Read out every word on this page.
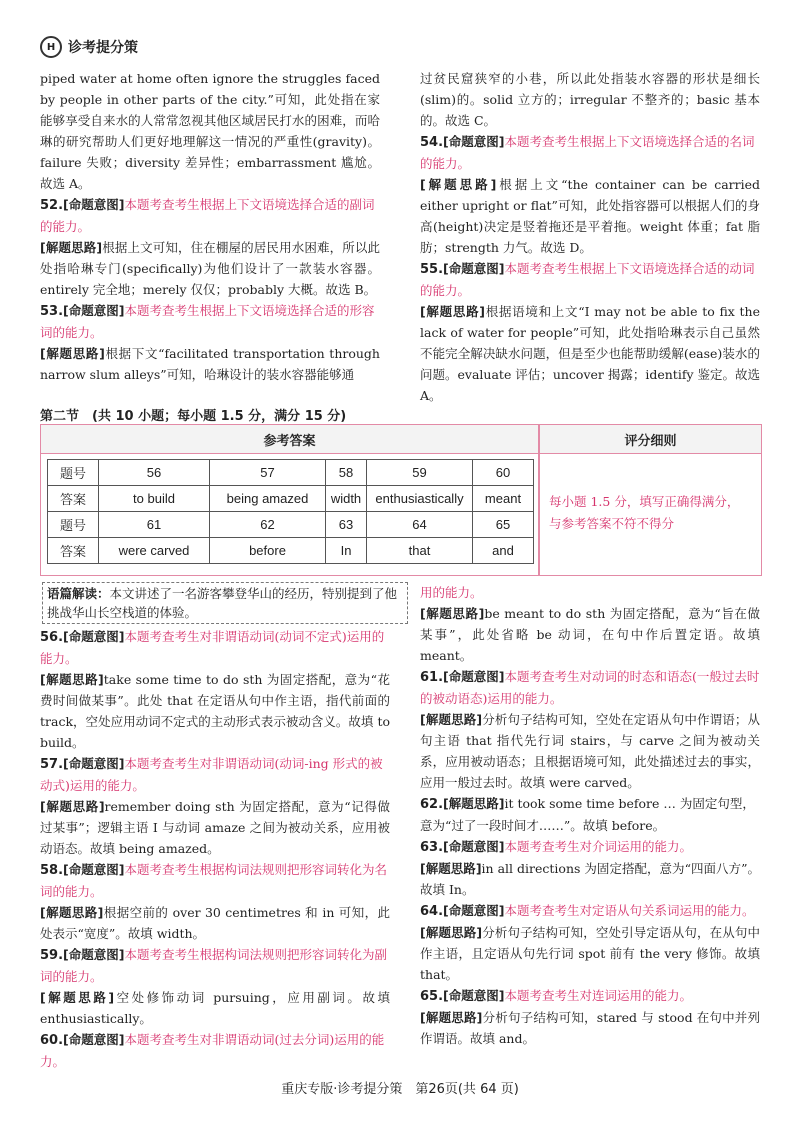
H 诊考提分策

piped water at home often ignore the struggles faced by people in other parts of the city.”可知，此处指在家能够享受自来水的人常常忽视其他区域居民打水的困难，而哈琳的研究帮助人们更好地理解这一情况的严重性(gravity)。failure 失败；diversity 差异性；embarrassment 尴尬。故选 A。

52.[命题意图]本题考查考生根据上下文语境选择合适的副词的能力。

[解题思路]根据上文可知，住在棚屋的居民用水困难，所以此处指哈琳专门(specifically)为他们设计了一款装水容器。entirely 完全地；merely 仅仅；probably 大概。故选 B。

53.[命题意图]本题考查考生根据上下文语境选择合适的形容词的能力。

[解题思路]根据下文“facilitated transportation through narrow slum alleys”可知，哈琳设计的装水容器能够通

过贫民窟狭窄的小巷，所以此处指装水容器的形状是细长(slim)的。solid 立方的；irregular 不整齐的；basic 基本的。故选 C。

54.[命题意图]本题考查考生根据上下文语境选择合适的名词的能力。

[解题思路]根据上文“the container can be carried either upright or flat”可知，此处指容器可以根据人们的身高(height)决定是竖着拖还是平着拖。weight 体重；fat 脂肪；strength 力气。故选 D。

55.[命题意图]本题考查考生根据上下文语境选择合适的动词的能力。

[解题思路]根据语境和上文“I may not be able to fix the lack of water for people”可知，此处指哈琳表示自己虽然不能完全解决缺水问题，但是至少也能帮助缓解(ease)装水的问题。evaluate 评估；uncover 揭露；identify 鉴定。故选 A。

第二节　(共 10 小题；每小题 1.5 分，满分 15 分)
参考答案	评分细则
题号	56	57	58	59	60
答案	to build	being amazed	width	enthusiastically	meant
题号	61	62	63	64	65
答案	were carved	before	In	that	and
每小题 1.5 分，填写正确得满分，与参考答案不符不得分
语篇解读：本文讲述了一名游客攀登华山的经历，特别提到了他挑战华山长空栈道的体验。

56.[命题意图]本题考查考生对非谓语动词(动词不定式)运用的能力。

[解题思路]take some time to do sth 为固定搭配，意为“花费时间做某事”。此处 that 在定语从句中作主语，指代前面的 track，空处应用动词不定式的主动形式表示被动含义。故填 to build。

57.[命题意图]本题考查考生对非谓语动词(动词-ing 形式的被动式)运用的能力。

[解题思路]remember doing sth 为固定搭配，意为“记得做过某事”；逻辑主语 I 与动词 amaze 之间为被动关系，应用被动语态。故填 being amazed。

58.[命题意图]本题考查考生根据构词法规则把形容词转化为名词的能力。

[解题思路]根据空前的 over 30 centimetres 和 in 可知，此处表示“宽度”。故填 width。

59.[命题意图]本题考查考生根据构词法规则把形容词转化为副词的能力。

[解题思路]空处修饰动词 pursuing，应用副词。故填 enthusiastically。

60.[命题意图]本题考查考生对非谓语动词(过去分词)运用的能力。

用的能力。

[解题思路]be meant to do sth 为固定搭配，意为“旨在做某事”，此处省略 be 动词，在句中作后置定语。故填 meant。

61.[命题意图]本题考查考生对动词的时态和语态(一般过去时的被动语态)运用的能力。

[解题思路]分析句子结构可知，空处在定语从句中作谓语；从句主语 that 指代先行词 stairs，与 carve 之间为被动关系，应用被动语态；且根据语境可知，此处描述过去的事实，应用一般过去时。故填 were carved。

62.[解题思路]it took some time before … 为固定句型，意为“过了一段时间才……”。故填 before。

63.[命题意图]本题考查考生对介词运用的能力。

[解题思路]in all directions 为固定搭配，意为“四面八方”。故填 In。

64.[命题意图]本题考查考生对定语从句关系词运用的能力。

[解题思路]分析句子结构可知，空处引导定语从句，在从句中作主语，且定语从句先行词 spot 前有 the very 修饰。故填 that。

65.[命题意图]本题考查考生对连词运用的能力。

[解题思路]分析句子结构可知，stared 与 stood 在句中并列作谓语。故填 and。

重庆专版·诊考提分策　第26页(共 64 页)
